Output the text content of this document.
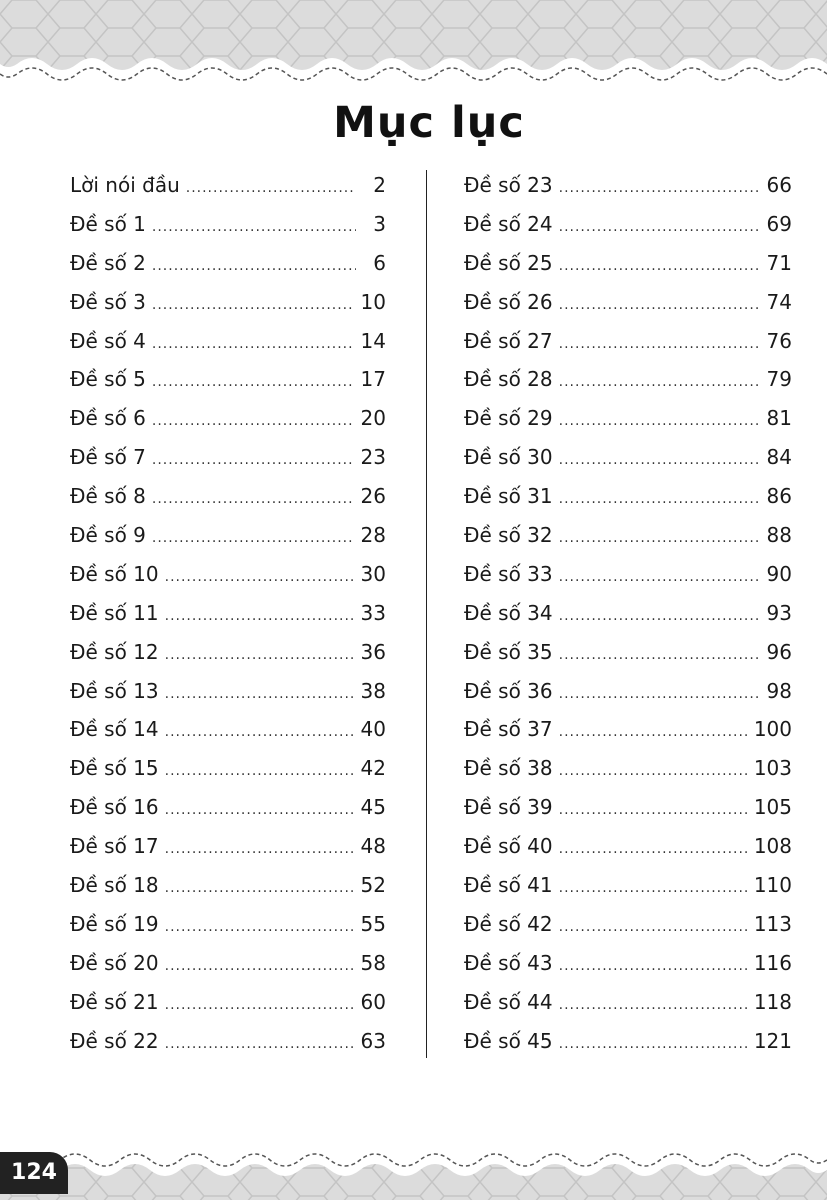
Mục lục
Lời nói đầu .....	2
Đề số 1 .....	3
Đề số 2 .....	6
Đề số 3 .....	10
Đề số 4 .....	14
Đề số 5 .....	17
Đề số 6 .....	20
Đề số 7 .....	23
Đề số 8 .....	26
Đề số 9 .....	28
Đề số 10 .....	30
Đề số 11 .....	33
Đề số 12 .....	36
Đề số 13 .....	38
Đề số 14 .....	40
Đề số 15 .....	42
Đề số 16 .....	45
Đề số 17 .....	48
Đề số 18 .....	52
Đề số 19 .....	55
Đề số 20 .....	58
Đề số 21 .....	60
Đề số 22 .....	63
Đề số 23 .....	66
Đề số 24 .....	69
Đề số 25 .....	71
Đề số 26 .....	74
Đề số 27 .....	76
Đề số 28 .....	79
Đề số 29 .....	81
Đề số 30 .....	84
Đề số 31 .....	86
Đề số 32 .....	88
Đề số 33 .....	90
Đề số 34 .....	93
Đề số 35 .....	96
Đề số 36 .....	98
Đề số 37 .....	100
Đề số 38 .....	103
Đề số 39 .....	105
Đề số 40 .....	108
Đề số 41 .....	110
Đề số 42 .....	113
Đề số 43 .....	116
Đề số 44 .....	118
Đề số 45 .....	121
124
